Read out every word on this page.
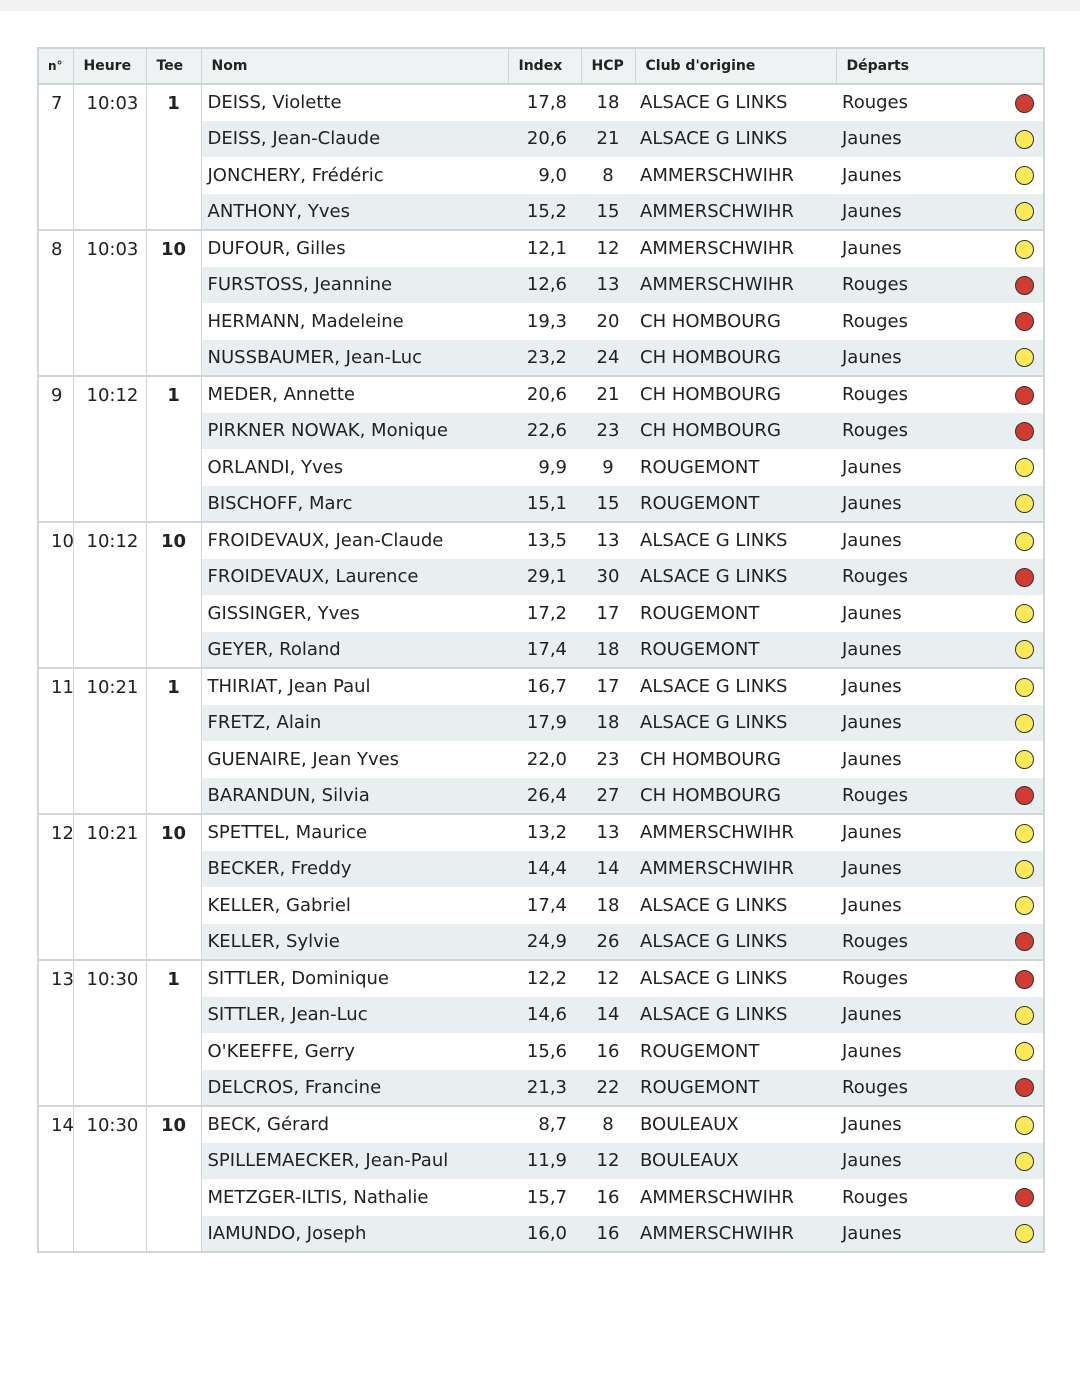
n°	Heure	Tee	Nom	Index	HCP	Club d'origine	Départs	
7	10:03	1	DEISS, Violette	17,8	18	ALSACE G LINKS	Rouges	
			DEISS, Jean-Claude	20,6	21	ALSACE G LINKS	Jaunes	
			JONCHERY, Frédéric	9,0	8	AMMERSCHWIHR	Jaunes	
			ANTHONY, Yves	15,2	15	AMMERSCHWIHR	Jaunes	
8	10:03	10	DUFOUR, Gilles	12,1	12	AMMERSCHWIHR	Jaunes	
			FURSTOSS, Jeannine	12,6	13	AMMERSCHWIHR	Rouges	
			HERMANN, Madeleine	19,3	20	CH HOMBOURG	Rouges	
			NUSSBAUMER, Jean-Luc	23,2	24	CH HOMBOURG	Jaunes	
9	10:12	1	MEDER, Annette	20,6	21	CH HOMBOURG	Rouges	
			PIRKNER NOWAK, Monique	22,6	23	CH HOMBOURG	Rouges	
			ORLANDI, Yves	9,9	9	ROUGEMONT	Jaunes	
			BISCHOFF, Marc	15,1	15	ROUGEMONT	Jaunes	
10	10:12	10	FROIDEVAUX, Jean-Claude	13,5	13	ALSACE G LINKS	Jaunes	
			FROIDEVAUX, Laurence	29,1	30	ALSACE G LINKS	Rouges	
			GISSINGER, Yves	17,2	17	ROUGEMONT	Jaunes	
			GEYER, Roland	17,4	18	ROUGEMONT	Jaunes	
11	10:21	1	THIRIAT, Jean Paul	16,7	17	ALSACE G LINKS	Jaunes	
			FRETZ, Alain	17,9	18	ALSACE G LINKS	Jaunes	
			GUENAIRE, Jean Yves	22,0	23	CH HOMBOURG	Jaunes	
			BARANDUN, Silvia	26,4	27	CH HOMBOURG	Rouges	
12	10:21	10	SPETTEL, Maurice	13,2	13	AMMERSCHWIHR	Jaunes	
			BECKER, Freddy	14,4	14	AMMERSCHWIHR	Jaunes	
			KELLER, Gabriel	17,4	18	ALSACE G LINKS	Jaunes	
			KELLER, Sylvie	24,9	26	ALSACE G LINKS	Rouges	
13	10:30	1	SITTLER, Dominique	12,2	12	ALSACE G LINKS	Rouges	
			SITTLER, Jean-Luc	14,6	14	ALSACE G LINKS	Jaunes	
			O'KEEFFE, Gerry	15,6	16	ROUGEMONT	Jaunes	
			DELCROS, Francine	21,3	22	ROUGEMONT	Rouges	
14	10:30	10	BECK, Gérard	8,7	8	BOULEAUX	Jaunes	
			SPILLEMAECKER, Jean-Paul	11,9	12	BOULEAUX	Jaunes	
			METZGER-ILTIS, Nathalie	15,7	16	AMMERSCHWIHR	Rouges	
			IAMUNDO, Joseph	16,0	16	AMMERSCHWIHR	Jaunes	
